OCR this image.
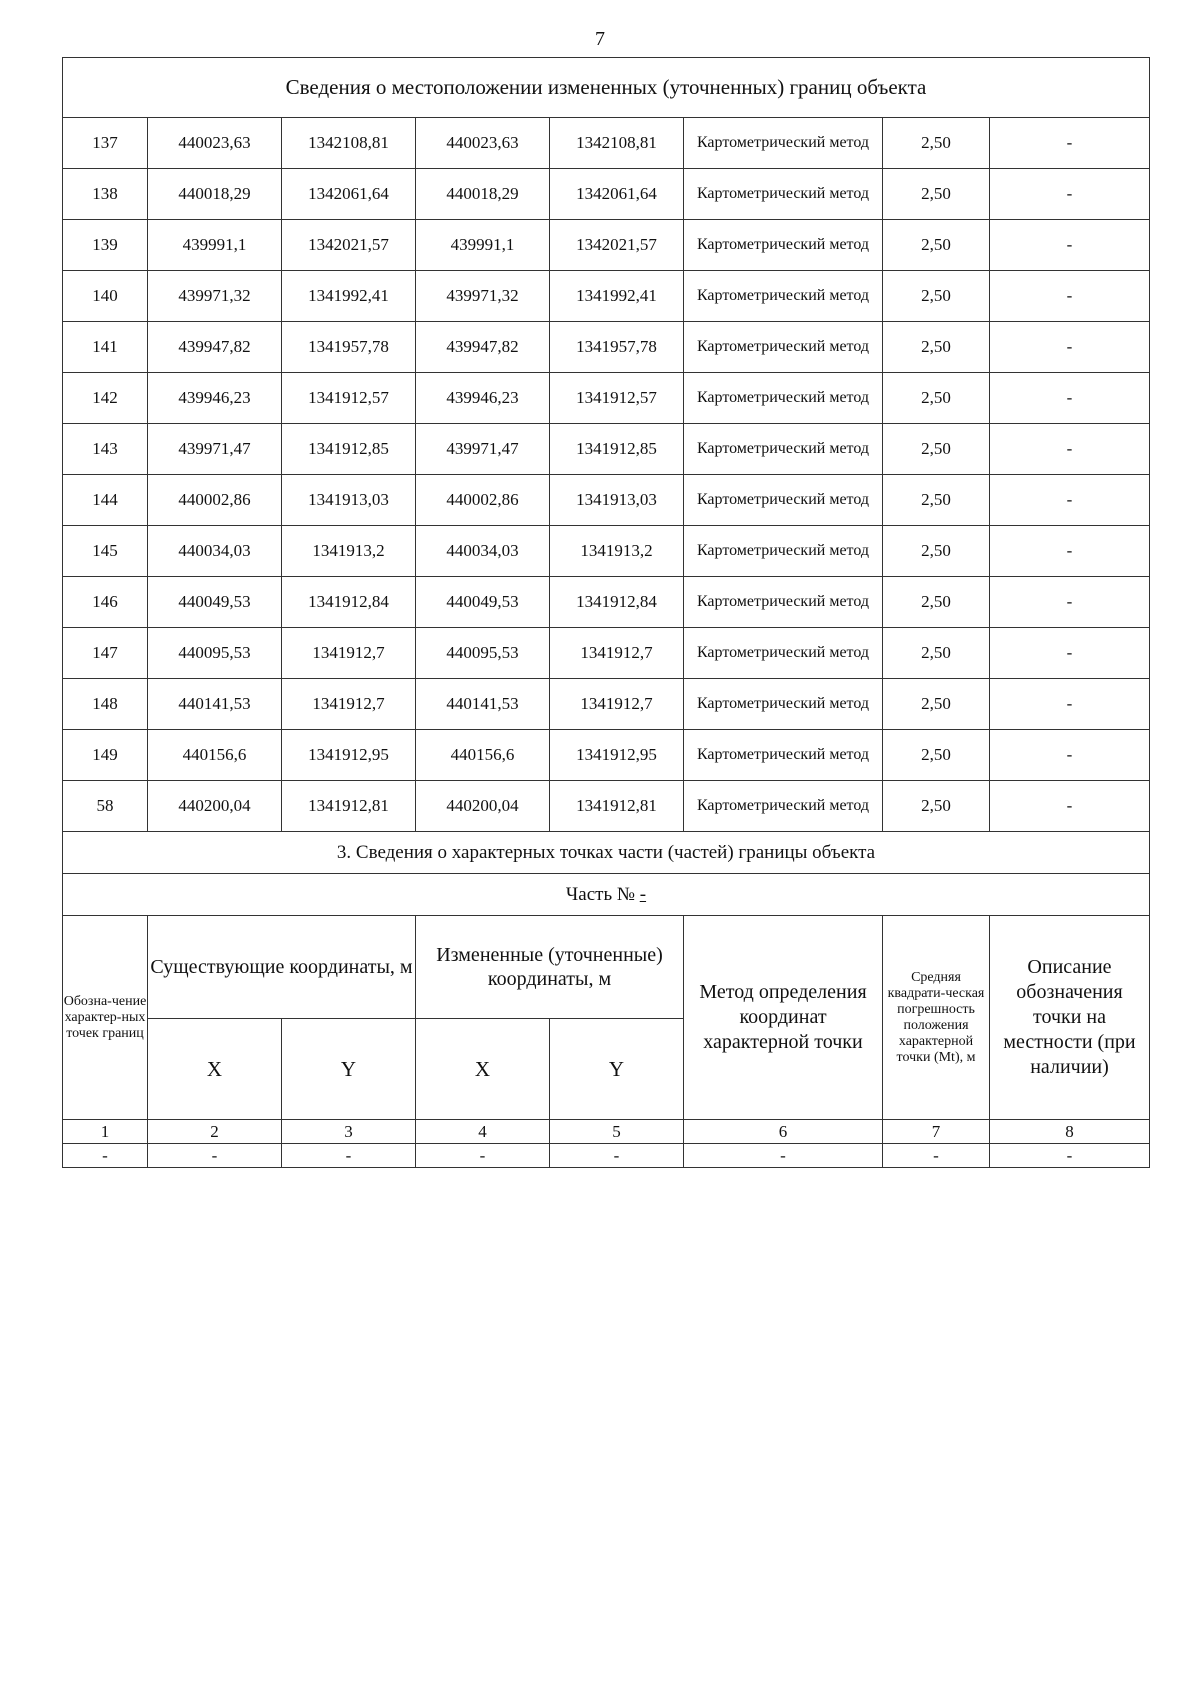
7
Сведения о местоположении измененных (уточненных) границ объекта							
137	440023,63	1342108,81	440023,63	1342108,81	Картометрический метод	2,50	-
138	440018,29	1342061,64	440018,29	1342061,64	Картометрический метод	2,50	-
139	439991,1	1342021,57	439991,1	1342021,57	Картометрический метод	2,50	-
140	439971,32	1341992,41	439971,32	1341992,41	Картометрический метод	2,50	-
141	439947,82	1341957,78	439947,82	1341957,78	Картометрический метод	2,50	-
142	439946,23	1341912,57	439946,23	1341912,57	Картометрический метод	2,50	-
143	439971,47	1341912,85	439971,47	1341912,85	Картометрический метод	2,50	-
144	440002,86	1341913,03	440002,86	1341913,03	Картометрический метод	2,50	-
145	440034,03	1341913,2	440034,03	1341913,2	Картометрический метод	2,50	-
146	440049,53	1341912,84	440049,53	1341912,84	Картометрический метод	2,50	-
147	440095,53	1341912,7	440095,53	1341912,7	Картометрический метод	2,50	-
148	440141,53	1341912,7	440141,53	1341912,7	Картометрический метод	2,50	-
149	440156,6	1341912,95	440156,6	1341912,95	Картометрический метод	2,50	-
58	440200,04	1341912,81	440200,04	1341912,81	Картометрический метод	2,50	-
3. Сведения о характерных точках части (частей) границы объекта							
Часть № -							
Обозна-чение характер-ных точек границ	Существующие координаты, м		Измененные (уточненные) координаты, м		Метод определения координат характерной точки	Средняя квадрати-ческая погрешность положения характерной точки (Mt), м	Описание обозначения точки на местности (при наличии)
	X	Y	X	Y			
1	2	3	4	5	6	7	8
-	-	-	-	-	-	-	-
